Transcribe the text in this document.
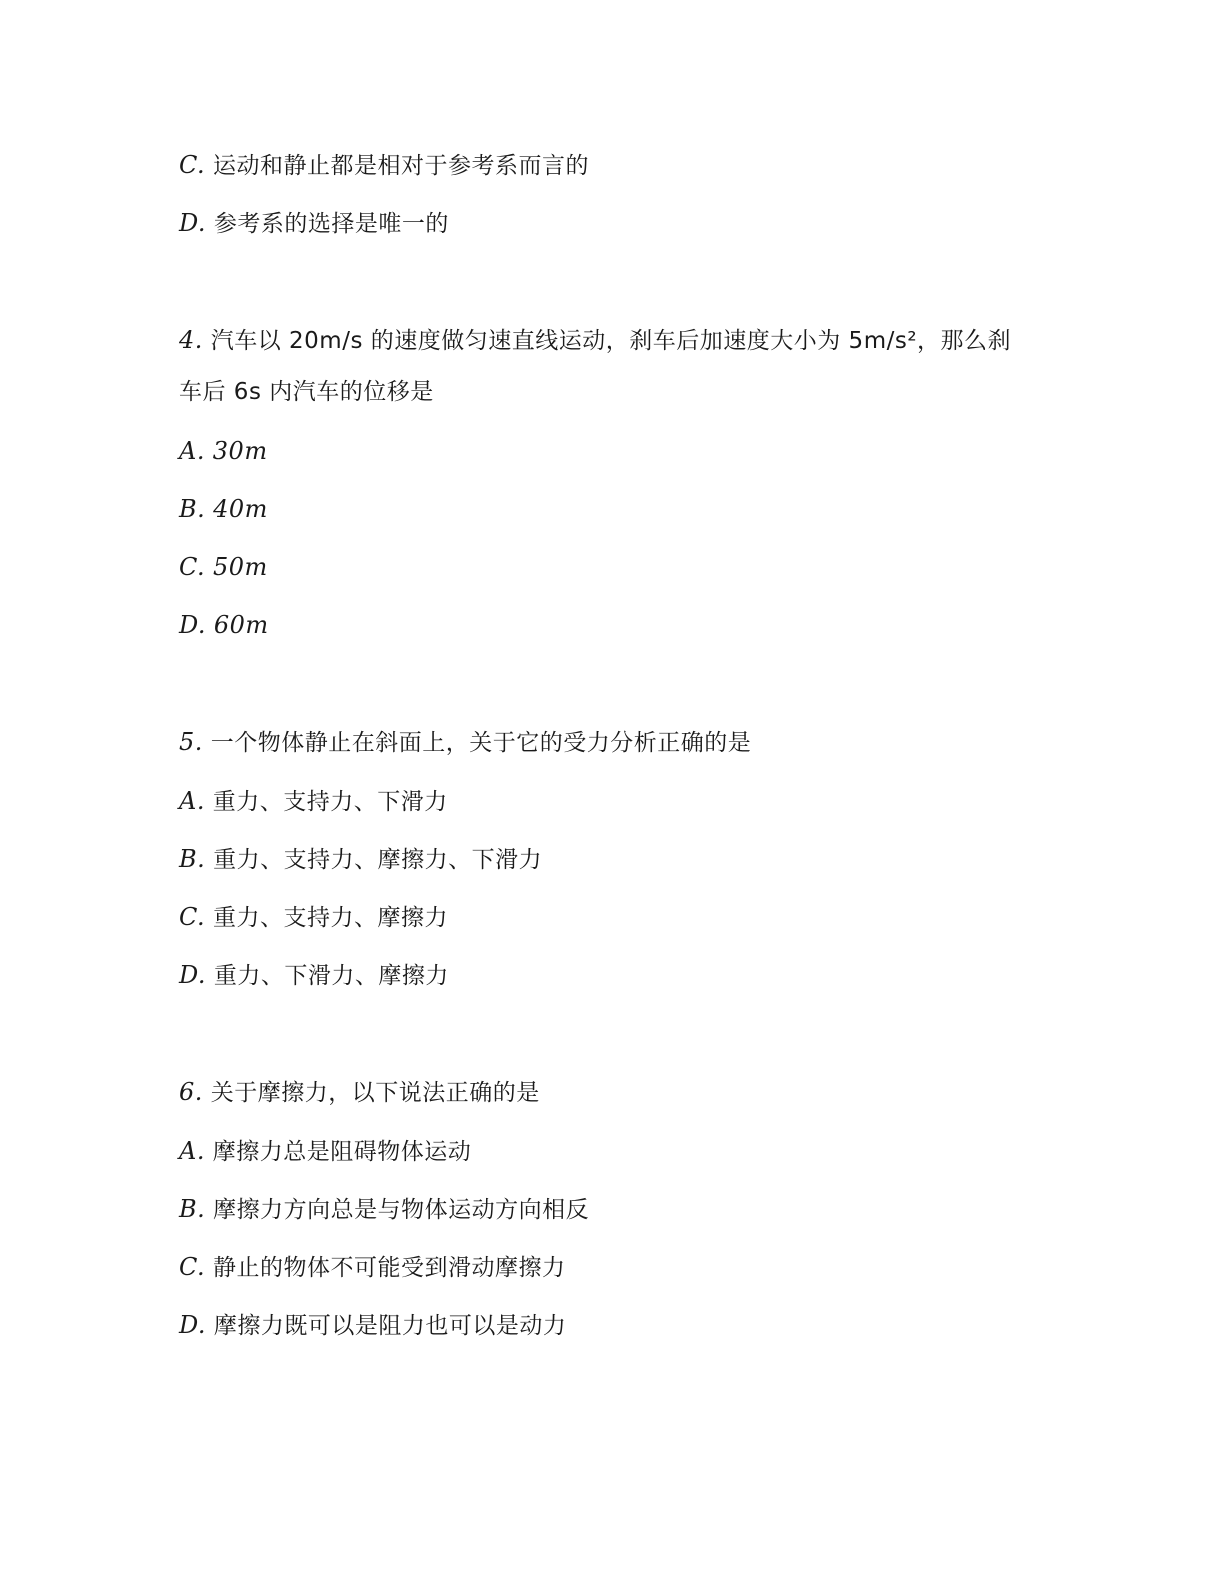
C. 运动和静止都是相对于参考系而言的
D. 参考系的选择是唯一的
4. 汽车以 20m/s 的速度做匀速直线运动，刹车后加速度大小为 5m/s²，那么刹
车后 6s 内汽车的位移是
A. 30m
B. 40m
C. 50m
D. 60m
5. 一个物体静止在斜面上，关于它的受力分析正确的是
A. 重力、支持力、下滑力
B. 重力、支持力、摩擦力、下滑力
C. 重力、支持力、摩擦力
D. 重力、下滑力、摩擦力
6. 关于摩擦力，以下说法正确的是
A. 摩擦力总是阻碍物体运动
B. 摩擦力方向总是与物体运动方向相反
C. 静止的物体不可能受到滑动摩擦力
D. 摩擦力既可以是阻力也可以是动力
